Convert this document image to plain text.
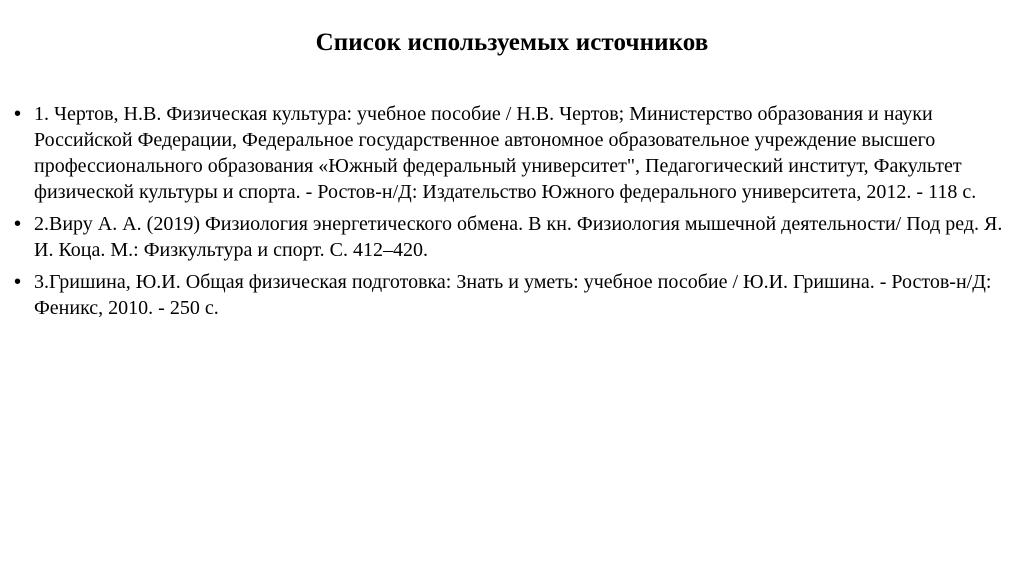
Список используемых источников
• 1. Чертов, Н.В. Физическая культура: учебное пособие / Н.В. Чертов; Министерство образования и науки Российской Федерации, Федеральное государственное автономное образовательное учреждение высшего профессионального образования «Южный федеральный университет", Педагогический институт, Факультет физической культуры и спорта. - Ростов-н/Д: Издательство Южного федерального университета, 2012. - 118 с.
• 2.Виру А. А. (2019) Физиология энергетического обмена. В кн. Физиология мышечной деятельности/ Под ред. Я. И. Коца. М.: Физкультура и спорт. С. 412–420.
• 3.Гришина, Ю.И. Общая физическая подготовка: Знать и уметь: учебное пособие / Ю.И. Гришина. - Ростов-н/Д: Феникс, 2010. - 250 с.
